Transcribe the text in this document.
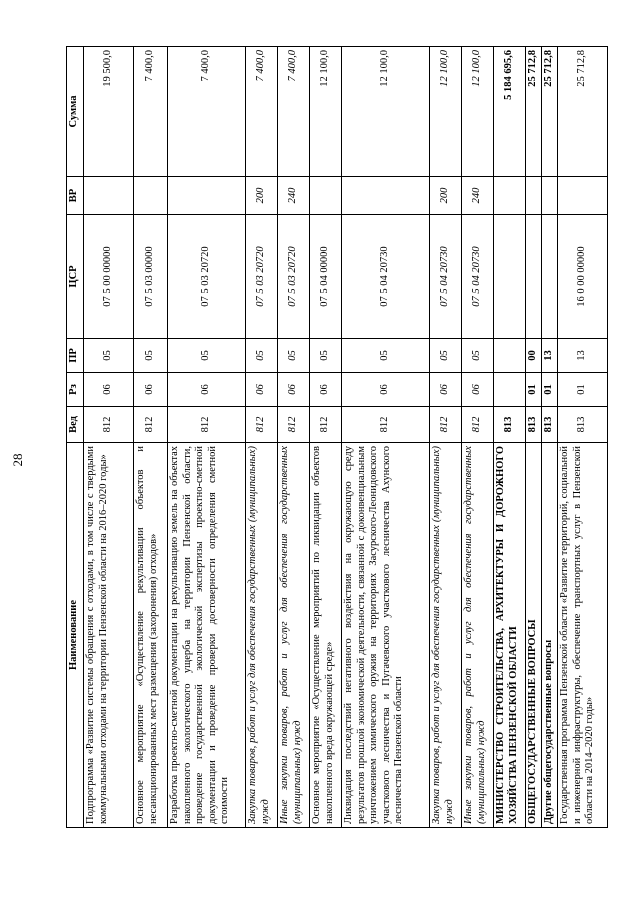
28
Наименование	Вед	Рз	ПР	ЦСР	ВР	Сумма
Подпрограмма «Развитие системы обращения с отходами, в том числе с твердыми коммунальными отходами на территории Пензенской области на 2016–2020 годы»	812	06	05	07 5 00 00000		19 500,0
Основное мероприятие «Осуществление рекультивации объектов и несанкционированных мест размещения (захоронения) отходов»	812	06	05	07 5 03 00000		7 400,0
Разработка проектно-сметной документации на рекультивацию земель на объектах накопленного экологического ущерба на территории Пензенской области, проведение государственной экологической экспертизы проектно-сметной документации и проведение проверки достоверности определения сметной стоимости	812	06	05	07 5 03 20720		7 400,0
Закупка товаров, работ и услуг для обеспечения государственных (муниципальных) нужд	812	06	05	07 5 03 20720	200	7 400,0
Иные закупки товаров, работ и услуг для обеспечения государственных (муниципальных) нужд	812	06	05	07 5 03 20720	240	7 400,0
Основное мероприятие «Осуществление мероприятий по ликвидации объектов накопленного вреда окружающей среде»	812	06	05	07 5 04 00000		12 100,0
Ликвидация последствий негативного воздействия на окружающую среду результатов прошлой экономической деятельности, связанной с доконвенциальным уничтожением химического оружия на территориях Засурского-Леонидовского участкового лесничества и Пугачевского участкового лесничества Ахунского лесничества Пензенской области	812	06	05	07 5 04 20730		12 100,0
Закупка товаров, работ и услуг для обеспечения государственных (муниципальных) нужд	812	06	05	07 5 04 20730	200	12 100,0
Иные закупки товаров, работ и услуг для обеспечения государственных (муниципальных) нужд	812	06	05	07 5 04 20730	240	12 100,0
МИНИСТЕРСТВО СТРОИТЕЛЬСТВА, АРХИТЕКТУРЫ И ДОРОЖНОГО ХОЗЯЙСТВА ПЕНЗЕНСКОЙ ОБЛАСТИ	813					5 184 695,6
ОБЩЕГОСУДАРСТВЕННЫЕ ВОПРОСЫ	813	01	00			25 712,8
Другие общегосударственные вопросы	813	01	13			25 712,8
Государственная программа Пензенской области «Развитие территорий, социальной и инженерной инфраструктуры, обеспечение транспортных услуг в Пензенской области на 2014–2020 годы»	813	01	13	16 0 00 00000		25 712,8
